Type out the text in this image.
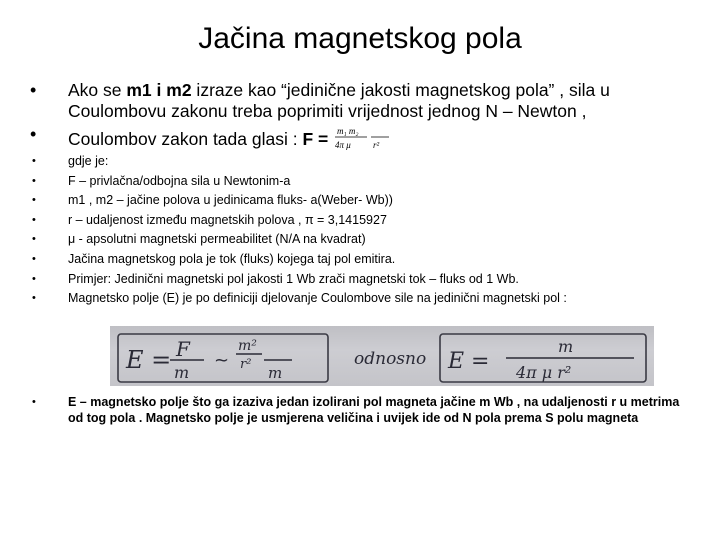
Jačina magnetskog pola
• Ako se m1 i m2 izraze kao “jedinične jakosti magnetskog pola” , sila u Coulombovu zakonu treba poprimiti vrijednost jednog N – Newton ,
• Coulombov zakon tada glasi : F = m₁ m₂
4π μ r²
• gdje je:
• F – privlačna/odbojna sila u Newtonim-a
• m1 , m2 – jačine polova u jedinicama fluks- a(Weber- Wb))
• r – udaljenost između magnetskih polova , π = 3,1415927
• μ - apsolutni magnetski permeabilitet (N/A na kvadrat)
• Jačina magnetskog pola je tok (fluks) kojega taj pol emitira.
• Primjer: Jedinični magnetski pol jakosti 1 Wb zrači magnetski tok – fluks od 1 Wb.
• Magnetsko polje (E) je po definiciji djelovanje Coulombove sile na jedinični magnetski pol :
E = F
m
~
m²
r² m
odnosno E =
m
4π μ r²
• E – magnetsko polje što ga izaziva jedan izolirani pol magneta jačine m Wb , na udaljenosti r u metrima od tog pola . Magnetsko polje je usmjerena veličina i uvijek ide od N pola prema S polu magneta
